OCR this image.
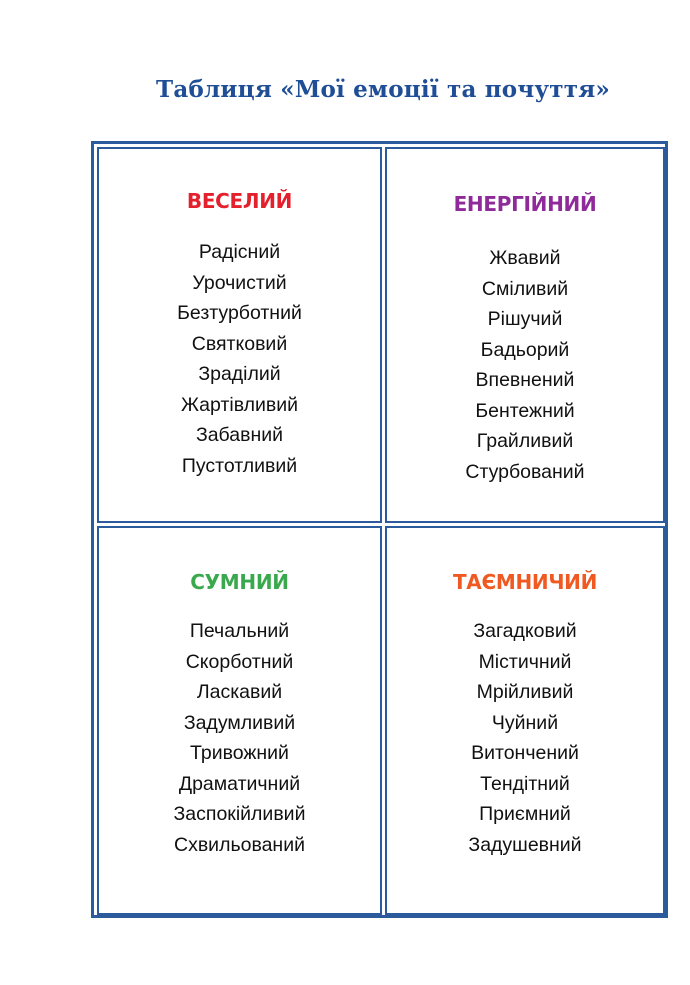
Таблиця «Мої емоції та почуття»
ВЕСЕЛИЙ
Радісний
Урочистий
Безтурботний
Святковий
Зраділий
Жартівливий
Забавний
Пустотливий
ЕНЕРГІЙНИЙ
Жвавий
Сміливий
Рішучий
Бадьорий
Впевнений
Бентежний
Грайливий
Стурбований
СУМНИЙ
Печальний
Скорботний
Ласкавий
Задумливий
Тривожний
Драматичний
Заспокійливий
Схвильований
ТАЄМНИЧИЙ
Загадковий
Містичний
Мрійливий
Чуйний
Витончений
Тендітний
Приємний
Задушевний
